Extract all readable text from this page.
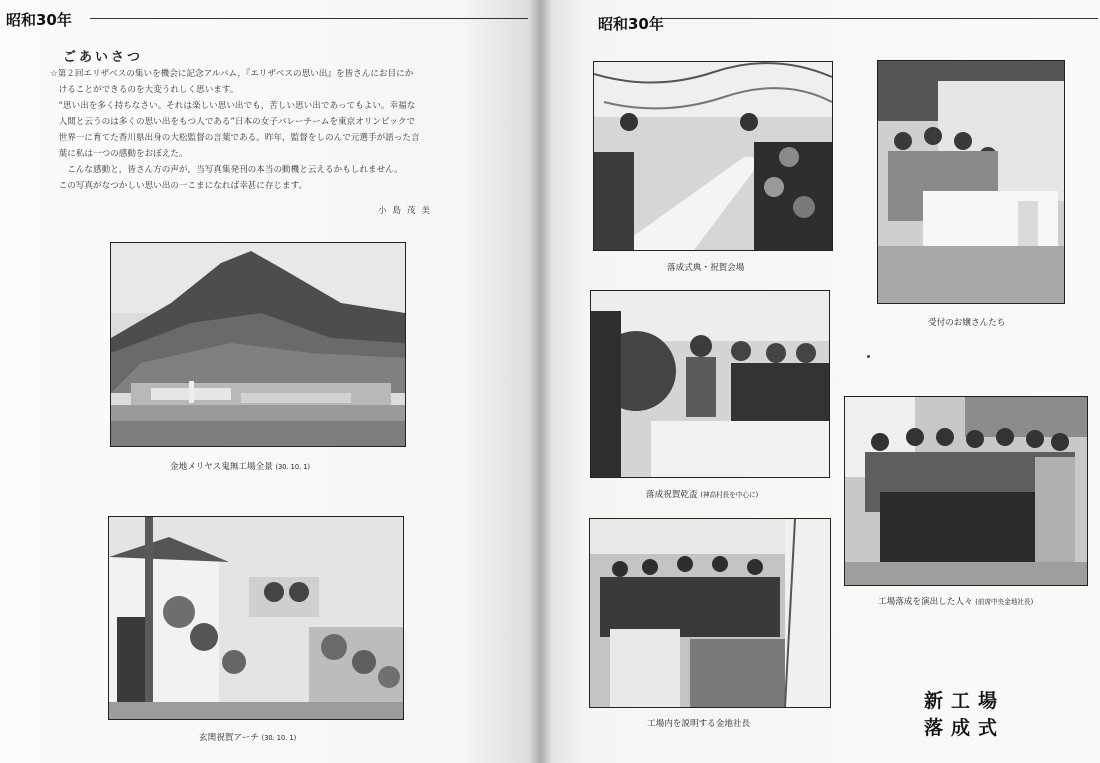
昭和30年
ごあいさつ

☆第２回エリザベスの集いを機会に記念アルバム，『エリザベスの思い出』を皆さんにお目にか

　けることができるのを大変うれしく思います。

　“思い出を多く持ちなさい。それは楽しい思い出でも，苦しい思い出であってもよい。幸福な

　人間と云うのは多くの思い出をもつ人である”日本の女子バレーチームを東京オリンピックで

　世界一に育てた香川県出身の大松監督の言葉である。昨年，監督をしのんで元選手が語った言

　葉に私は一つの感動をおぼえた。

　　こんな感動と，皆さん方の声が，当写真集発刊の本当の動機と云えるかもしれません。

　この写真がなつかしい思い出の一こまになれば幸甚に存じます。

小島茂美
金地メリヤス鬼無工場全景 (30. 10. 1)
玄関祝賀アーチ (30. 10. 1)
昭和30年
落成式典・祝賀会場
受付のお嬢さんたち
落成祝賀乾盃 (神高村長を中心に)
工場落成を演出した人々 (前席中央金地社長)
工場内を説明する金地社長
新工場
落成式
